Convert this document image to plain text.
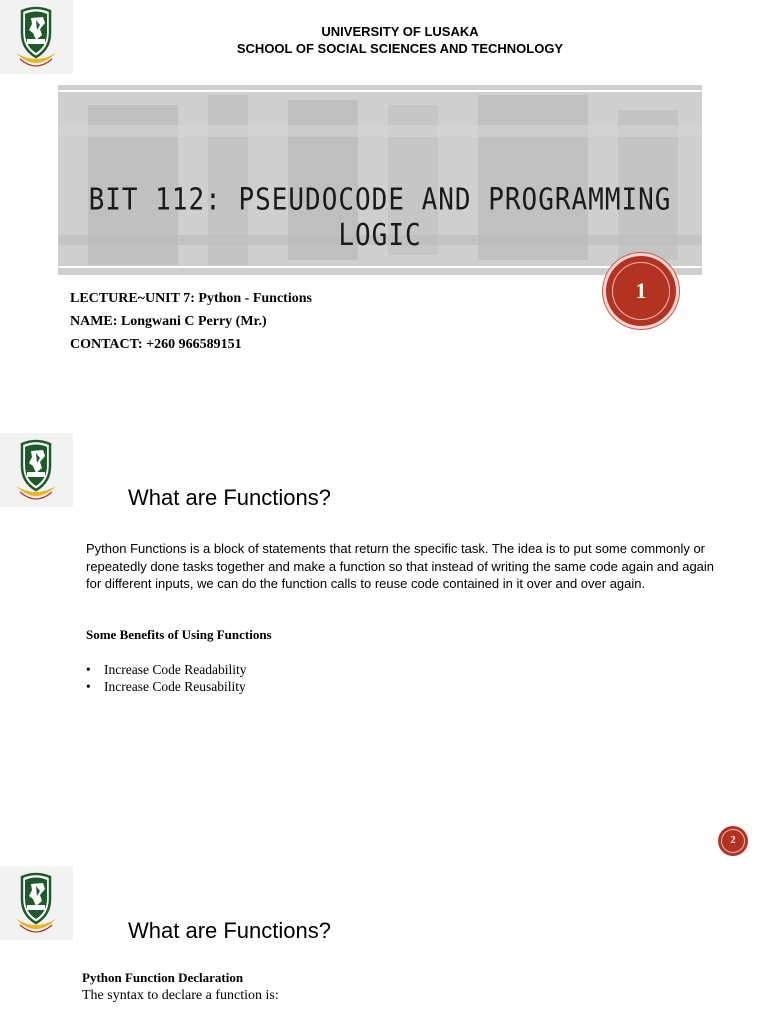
UNIVERSITY OF LUSAKA
SCHOOL OF SOCIAL SCIENCES AND TECHNOLOGY
BIT 112: PSEUDOCODE AND PROGRAMMING LOGIC
1
LECTURE~UNIT 7: Python - Functions
NAME: Longwani C Perry (Mr.)
CONTACT: +260 966589151
What are Functions?
Python Functions is a block of statements that return the specific task. The idea is to put some commonly or repeatedly done tasks together and make a function so that instead of writing the same code again and again for different inputs, we can do the function calls to reuse code contained in it over and over again.
Some Benefits of Using Functions
• Increase Code Readability
• Increase Code Reusability
2
What are Functions?
Python Function Declaration
The syntax to declare a function is:
